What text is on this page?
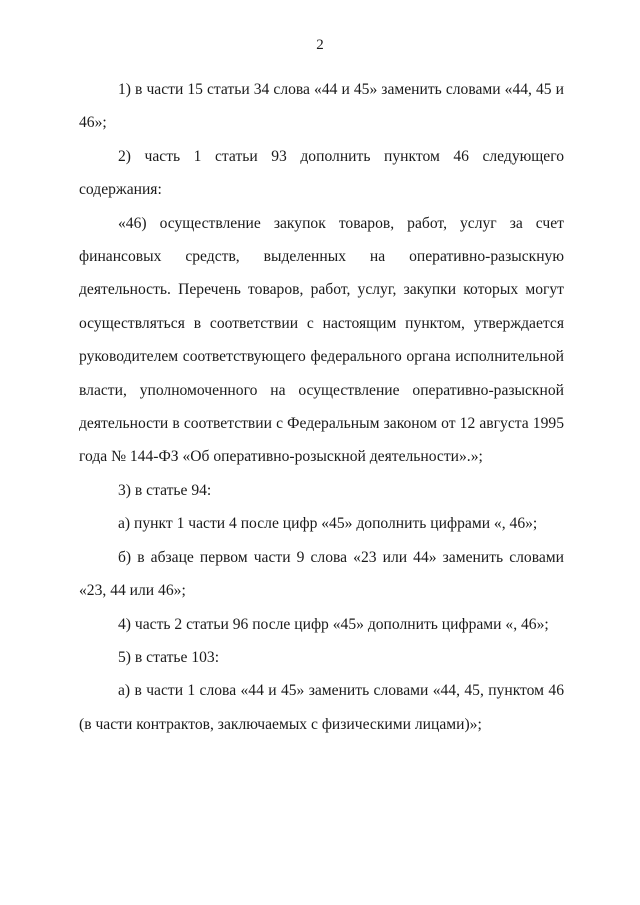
2

1) в части 15 статьи 34 слова «44 и 45» заменить словами «44, 45 и 46»;

2) часть 1 статьи 93 дополнить пунктом 46 следующего содержания:

«46) осуществление закупок товаров, работ, услуг за счет финансовых средств, выделенных на оперативно-разыскную деятельность. Перечень товаров, работ, услуг, закупки которых могут осуществляться в соответствии с настоящим пунктом, утверждается руководителем соответствующего федерального органа исполнительной власти, уполномоченного на осуществление оперативно-разыскной деятельности в соответствии с Федеральным законом от 12 августа 1995 года № 144-ФЗ «Об оперативно-розыскной деятельности».»;

3) в статье 94:

а) пункт 1 части 4 после цифр «45» дополнить цифрами «, 46»;

б) в абзаце первом части 9 слова «23 или 44» заменить словами «23, 44 или 46»;

4) часть 2 статьи 96 после цифр «45» дополнить цифрами «, 46»;

5) в статье 103:

а) в части 1 слова «44 и 45» заменить словами «44, 45, пунктом 46 (в части контрактов, заключаемых с физическими лицами)»;
